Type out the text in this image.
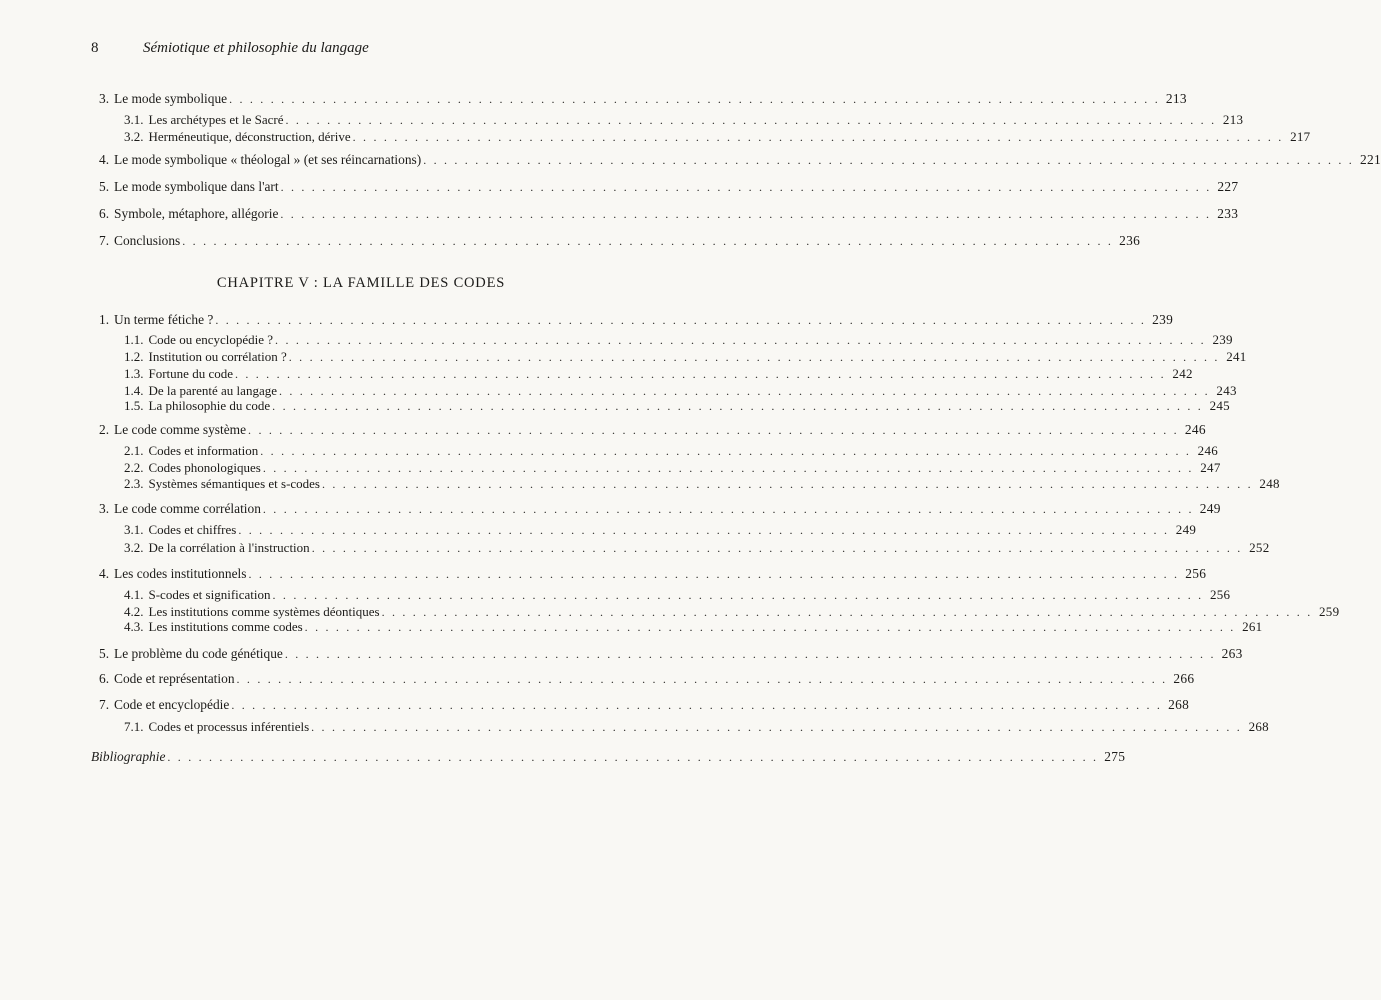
8	Sémiotique et philosophie du langage
3. Le mode symbolique . . . . . . . . . . . . . . . . . . . . . . . . . . . . . . . . . . . . . . . . . . . . . . . . . . . . . . . . . . . . . . . . . . . . . . . . . . . . . . . . . . . . . . . . . . 213
3.1. Les archétypes et le Sacré . . . . . . . . . . . . . . . . . . . . . . . . . . . . . . . . . . . . . . . . . . . . . . . . . . . . . . . . . . . . . . . . . . . . . . . . . . . . . . . . . . . . . . . . . . 213
3.2. Herméneutique, déconstruction, dérive . . . . . . . . . . . . . . . . . . . . . . . . . . . . . . . . . . . . . . . . . . . . . . . . . . . . . . . . . . . . . . . . . . . . . . . . . . . . . . . . . . . . . . . . . . 217
4. Le mode symbolique « théologal » (et ses réincarnations) . . . . . . . . . . . . . . . . . . . . . . . . . . . . . . . . . . . . . . . . . . . . . . . . . . . . . . . . . . . . . . . . . . . . . . . . . . . . . . . . . . . . . . . . . . 221
5. Le mode symbolique dans l'art . . . . . . . . . . . . . . . . . . . . . . . . . . . . . . . . . . . . . . . . . . . . . . . . . . . . . . . . . . . . . . . . . . . . . . . . . . . . . . . . . . . . . . . . . . 227
6. Symbole, métaphore, allégorie . . . . . . . . . . . . . . . . . . . . . . . . . . . . . . . . . . . . . . . . . . . . . . . . . . . . . . . . . . . . . . . . . . . . . . . . . . . . . . . . . . . . . . . . . . 233
7. Conclusions . . . . . . . . . . . . . . . . . . . . . . . . . . . . . . . . . . . . . . . . . . . . . . . . . . . . . . . . . . . . . . . . . . . . . . . . . . . . . . . . . . . . . . . . . . 236
CHAPITRE V : LA FAMILLE DES CODES
1. Un terme fétiche ? . . . . . . . . . . . . . . . . . . . . . . . . . . . . . . . . . . . . . . . . . . . . . . . . . . . . . . . . . . . . . . . . . . . . . . . . . . . . . . . . . . . . . . . . . . 239
1.1. Code ou encyclopédie ? . . . . . . . . . . . . . . . . . . . . . . . . . . . . . . . . . . . . . . . . . . . . . . . . . . . . . . . . . . . . . . . . . . . . . . . . . . . . . . . . . . . . . . . . . . 239
1.2. Institution ou corrélation ? . . . . . . . . . . . . . . . . . . . . . . . . . . . . . . . . . . . . . . . . . . . . . . . . . . . . . . . . . . . . . . . . . . . . . . . . . . . . . . . . . . . . . . . . . . 241
1.3. Fortune du code . . . . . . . . . . . . . . . . . . . . . . . . . . . . . . . . . . . . . . . . . . . . . . . . . . . . . . . . . . . . . . . . . . . . . . . . . . . . . . . . . . . . . . . . . . 242
1.4. De la parenté au langage . . . . . . . . . . . . . . . . . . . . . . . . . . . . . . . . . . . . . . . . . . . . . . . . . . . . . . . . . . . . . . . . . . . . . . . . . . . . . . . . . . . . . . . . . . 243
1.5. La philosophie du code . . . . . . . . . . . . . . . . . . . . . . . . . . . . . . . . . . . . . . . . . . . . . . . . . . . . . . . . . . . . . . . . . . . . . . . . . . . . . . . . . . . . . . . . . . 245
2. Le code comme système . . . . . . . . . . . . . . . . . . . . . . . . . . . . . . . . . . . . . . . . . . . . . . . . . . . . . . . . . . . . . . . . . . . . . . . . . . . . . . . . . . . . . . . . . . 246
2.1. Codes et information . . . . . . . . . . . . . . . . . . . . . . . . . . . . . . . . . . . . . . . . . . . . . . . . . . . . . . . . . . . . . . . . . . . . . . . . . . . . . . . . . . . . . . . . . . 246
2.2. Codes phonologiques . . . . . . . . . . . . . . . . . . . . . . . . . . . . . . . . . . . . . . . . . . . . . . . . . . . . . . . . . . . . . . . . . . . . . . . . . . . . . . . . . . . . . . . . . . 247
2.3. Systèmes sémantiques et s-codes . . . . . . . . . . . . . . . . . . . . . . . . . . . . . . . . . . . . . . . . . . . . . . . . . . . . . . . . . . . . . . . . . . . . . . . . . . . . . . . . . . . . . . . . . . 248
3. Le code comme corrélation . . . . . . . . . . . . . . . . . . . . . . . . . . . . . . . . . . . . . . . . . . . . . . . . . . . . . . . . . . . . . . . . . . . . . . . . . . . . . . . . . . . . . . . . . . 249
3.1. Codes et chiffres . . . . . . . . . . . . . . . . . . . . . . . . . . . . . . . . . . . . . . . . . . . . . . . . . . . . . . . . . . . . . . . . . . . . . . . . . . . . . . . . . . . . . . . . . . 249
3.2. De la corrélation à l'instruction . . . . . . . . . . . . . . . . . . . . . . . . . . . . . . . . . . . . . . . . . . . . . . . . . . . . . . . . . . . . . . . . . . . . . . . . . . . . . . . . . . . . . . . . . . 252
4. Les codes institutionnels . . . . . . . . . . . . . . . . . . . . . . . . . . . . . . . . . . . . . . . . . . . . . . . . . . . . . . . . . . . . . . . . . . . . . . . . . . . . . . . . . . . . . . . . . . 256
4.1. S-codes et signification . . . . . . . . . . . . . . . . . . . . . . . . . . . . . . . . . . . . . . . . . . . . . . . . . . . . . . . . . . . . . . . . . . . . . . . . . . . . . . . . . . . . . . . . . . 256
4.2. Les institutions comme systèmes déontiques . . . . . . . . . . . . . . . . . . . . . . . . . . . . . . . . . . . . . . . . . . . . . . . . . . . . . . . . . . . . . . . . . . . . . . . . . . . . . . . . . . . . . . . . . . 259
4.3. Les institutions comme codes . . . . . . . . . . . . . . . . . . . . . . . . . . . . . . . . . . . . . . . . . . . . . . . . . . . . . . . . . . . . . . . . . . . . . . . . . . . . . . . . . . . . . . . . . . 261
5. Le problème du code génétique . . . . . . . . . . . . . . . . . . . . . . . . . . . . . . . . . . . . . . . . . . . . . . . . . . . . . . . . . . . . . . . . . . . . . . . . . . . . . . . . . . . . . . . . . . 263
6. Code et représentation . . . . . . . . . . . . . . . . . . . . . . . . . . . . . . . . . . . . . . . . . . . . . . . . . . . . . . . . . . . . . . . . . . . . . . . . . . . . . . . . . . . . . . . . . . 266
7. Code et encyclopédie . . . . . . . . . . . . . . . . . . . . . . . . . . . . . . . . . . . . . . . . . . . . . . . . . . . . . . . . . . . . . . . . . . . . . . . . . . . . . . . . . . . . . . . . . . 268
7.1. Codes et processus inférentiels . . . . . . . . . . . . . . . . . . . . . . . . . . . . . . . . . . . . . . . . . . . . . . . . . . . . . . . . . . . . . . . . . . . . . . . . . . . . . . . . . . . . . . . . . . 268
Bibliographie . . . . . . . . . . . . . . . . . . . . . . . . . . . . . . . . . . . . . . . . . . . . . . . . . . . . . . . . . . . . . . . . . . . . . . . . . . . . . . . . . . . . . . . . . . 275
